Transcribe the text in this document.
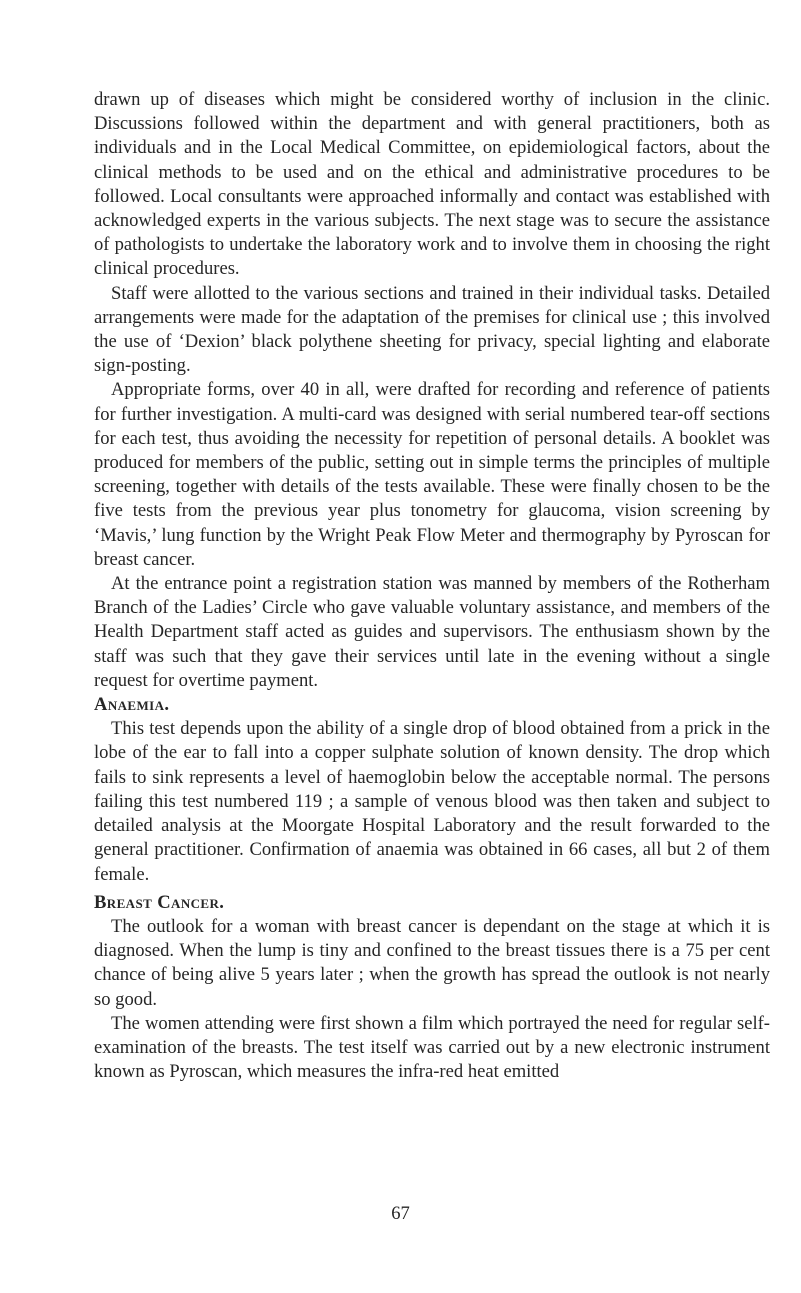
drawn up of diseases which might be considered worthy of inclusion in the clinic. Discussions followed within the department and with general practitioners, both as individuals and in the Local Medical Committee, on epidemiological factors, about the clinical methods to be used and on the ethical and administrative procedures to be followed. Local consultants were approached informally and contact was established with acknowledged experts in the various subjects. The next stage was to secure the assistance of pathologists to undertake the laboratory work and to involve them in choosing the right clinical procedures.

Staff were allotted to the various sections and trained in their individual tasks. Detailed arrangements were made for the adaptation of the premises for clinical use ; this involved the use of ‘Dexion’ black polythene sheeting for privacy, special lighting and elaborate sign-posting.

Appropriate forms, over 40 in all, were drafted for recording and reference of patients for further investigation. A multi-card was designed with serial numbered tear-off sections for each test, thus avoiding the necessity for repetition of personal details. A booklet was produced for members of the public, setting out in simple terms the principles of multiple screening, together with details of the tests available. These were finally chosen to be the five tests from the previous year plus tonometry for glaucoma, vision screening by ‘Mavis,’ lung function by the Wright Peak Flow Meter and thermography by Pyroscan for breast cancer.

At the entrance point a registration station was manned by members of the Rotherham Branch of the Ladies’ Circle who gave valuable voluntary assistance, and members of the Health Department staff acted as guides and supervisors. The enthusiasm shown by the staff was such that they gave their services until late in the evening without a single request for overtime payment.

Anaemia.

This test depends upon the ability of a single drop of blood obtained from a prick in the lobe of the ear to fall into a copper sulphate solution of known density. The drop which fails to sink represents a level of haemoglobin below the acceptable normal. The persons failing this test numbered 119 ; a sample of venous blood was then taken and subject to detailed analysis at the Moorgate Hospital Laboratory and the result forwarded to the general practitioner. Confirmation of anaemia was obtained in 66 cases, all but 2 of them female.

Breast Cancer.

The outlook for a woman with breast cancer is dependant on the stage at which it is diagnosed. When the lump is tiny and confined to the breast tissues there is a 75 per cent chance of being alive 5 years later ; when the growth has spread the outlook is not nearly so good.

The women attending were first shown a film which portrayed the need for regular self-examination of the breasts. The test itself was carried out by a new electronic instrument known as Pyroscan, which measures the infra-red heat emitted

67
